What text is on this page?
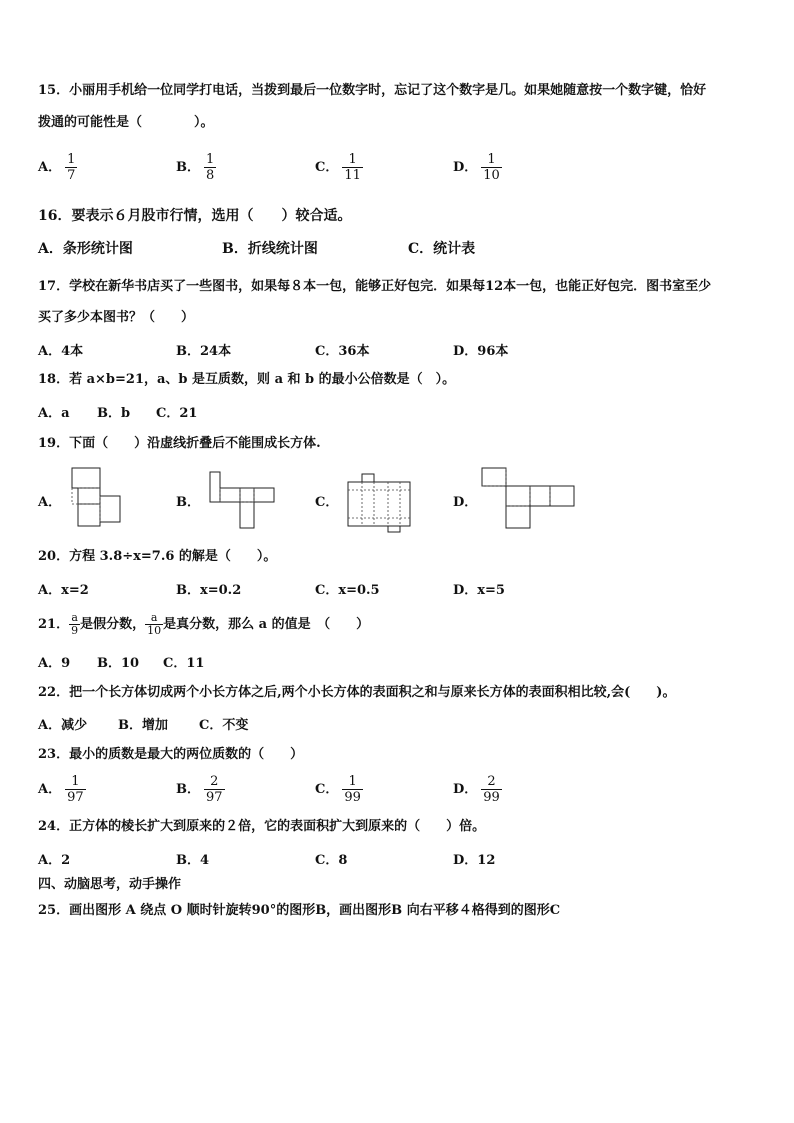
15．小丽用手机给一位同学打电话，当拨到最后一位数字时，忘记了这个数字是几。如果她随意按一个数字键，恰好
拨通的可能性是（　　　　）。
A． $\frac{1}{7}$	B． $\frac{1}{8}$	C． $\frac{1}{11}$	D． $\frac{1}{10}$
16．要表示６月股市行情，选用（　　）较合适。
A．条形统计图	B．折线统计图	C．统计表
17．学校在新华书店买了一些图书，如果每８本一包，能够正好包完．如果每12本一包，也能正好包完．图书室至少
买了多少本图书？（　　）
A．4本	B．24本	C．36本	D．96本
18．若 a×b=21，a、b 是互质数，则 a 和 b 的最小公倍数是（　）。
A．a B．b C．21
19．下面（　　）沿虚线折叠后不能围成长方体.
A．	B．	C．	D．
20．方程 3.8÷x=7.6 的解是（　　）。
A．x=2	B．x=0.2	C．x=0.5	D．x=5
21． $\frac{a}{9}$ 是假分数， $\frac{a}{10}$ 是真分数，那么 a 的值是　（　　）
A．9 B．10 C．11
22．把一个长方体切成两个小长方体之后,两个小长方体的表面积之和与原来长方体的表面积相比较,会(　　)。
A．减少 B．增加 C．不变
23．最小的质数是最大的两位质数的（　　）
A． $\frac{1}{97}$	B． $\frac{2}{97}$	C． $\frac{1}{99}$	D． $\frac{2}{99}$
24．正方体的棱长扩大到原来的２倍，它的表面积扩大到原来的（　　）倍。
A．2	B．4	C．8	D．12
四、动脑思考，动手操作
25．画出图形 A 绕点 O 顺时针旋转90°的图形B，画出图形B 向右平移４格得到的图形C
